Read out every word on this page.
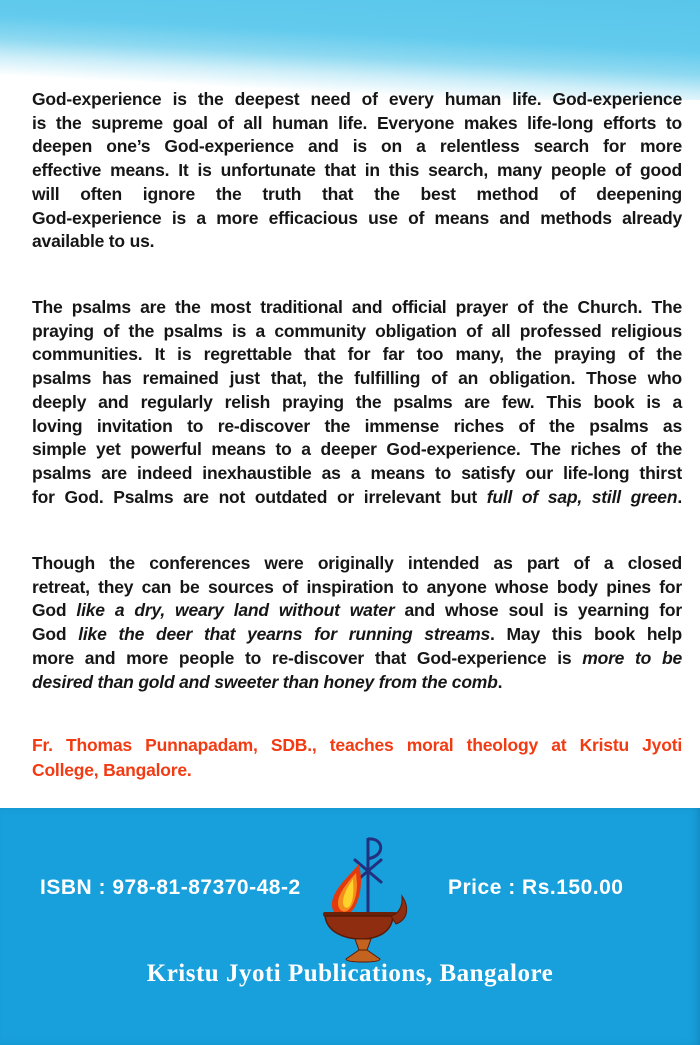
God-experience is the deepest need of every human life. God-experience
is the supreme goal of all human life. Everyone makes life-long efforts to
deepen one’s God-experience and is on a relentless search for more
effective means. It is unfortunate that in this search, many people of good
will often ignore the truth that the best method of deepening
God-experience is a more efficacious use of means and methods already
available to us.
The psalms are the most traditional and official prayer of the Church. The
praying of the psalms is a community obligation of all professed religious
communities. It is regrettable that for far too many, the praying of the
psalms has remained just that, the fulfilling of an obligation. Those who
deeply and regularly relish praying the psalms are few. This book is a
loving invitation to re-discover the immense riches of the psalms as
simple yet powerful means to a deeper God-experience. The riches of the
psalms are indeed inexhaustible as a means to satisfy our life-long thirst
for God. Psalms are not outdated or irrelevant but full of sap, still green.
Though the conferences were originally intended as part of a closed
retreat, they can be sources of inspiration to anyone whose body pines for
God like a dry, weary land without water and whose soul is yearning for
God like the deer that yearns for running streams. May this book help
more and more people to re-discover that God-experience is more to be
desired than gold and sweeter than honey from the comb.
Fr. Thomas Punnapadam, SDB., teaches moral theology at Kristu Jyoti
College, Bangalore.
ISBN : 978-81-87370-48-2	Price : Rs.150.00
Kristu Jyoti Publications, Bangalore
